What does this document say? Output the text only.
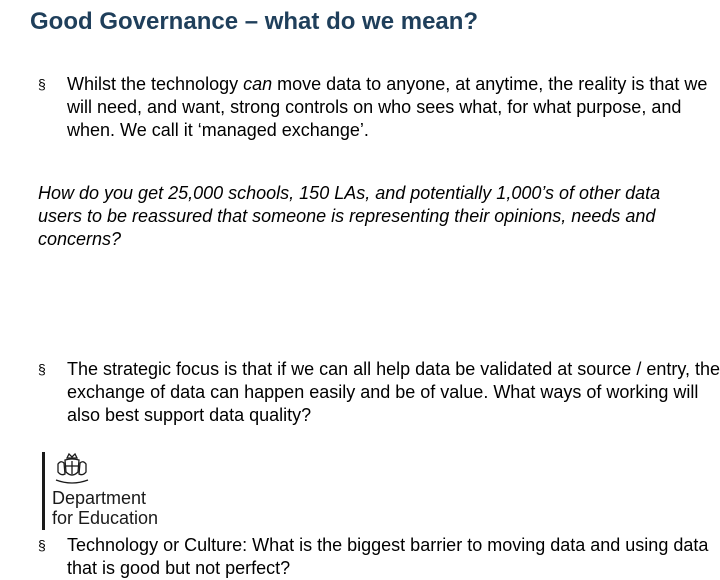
Good Governance – what do we mean?
§ Whilst the technology can move data to anyone, at anytime, the reality is that we will need, and want, strong controls on who sees what, for what purpose, and when. We call it ‘managed exchange’.
How do you get 25,000 schools, 150 LAs, and potentially 1,000’s of other data users to be reassured that someone is representing their opinions, needs and concerns?
§ The strategic focus is that if we can all help data be validated at source / entry, the exchange of data can happen easily and be of value. What ways of working will also best support data quality?
§ Technology or Culture: What is the biggest barrier to moving data and using data that is good but not perfect?
Department
for Education
